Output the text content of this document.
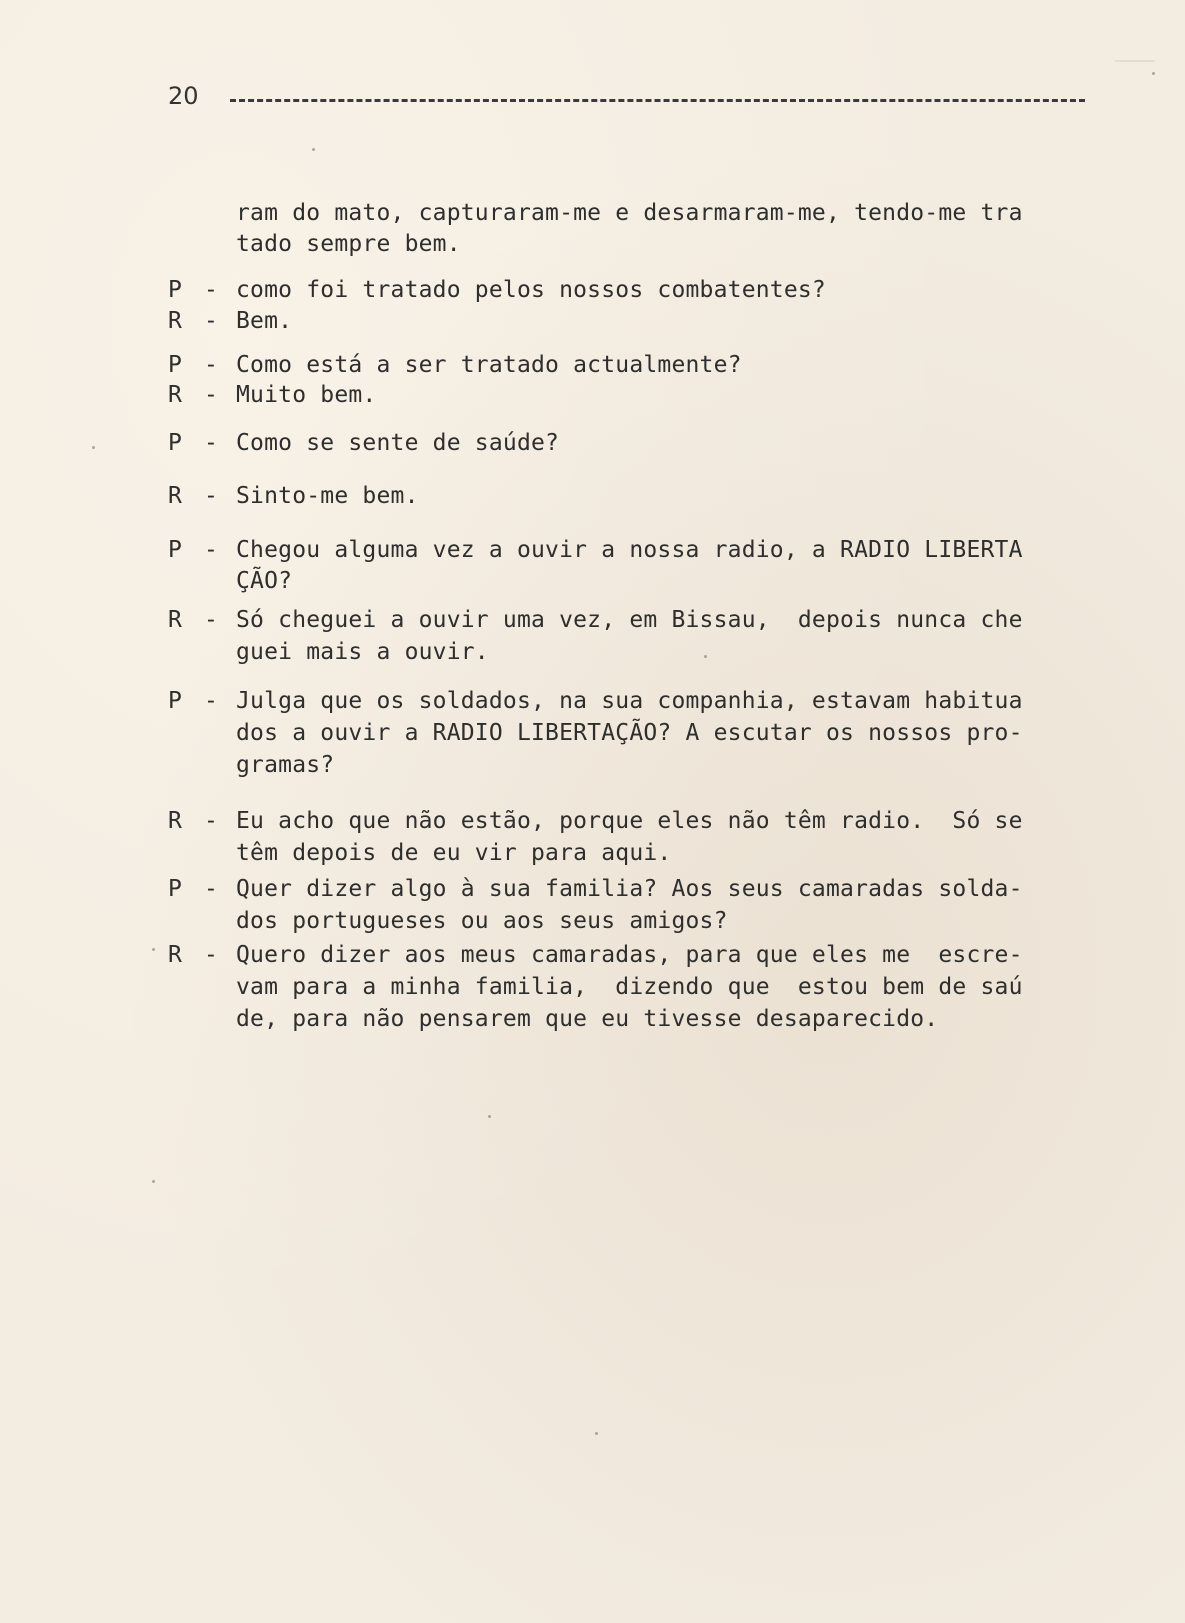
20
ram do mato, capturaram-me e desarmaram-me, tendo-me tra
tado sempre bem.
P - como foi tratado pelos nossos combatentes?
R - Bem.
P - Como está a ser tratado actualmente?
R - Muito bem.
P - Como se sente de saúde?
R - Sinto-me bem.
P - Chegou alguma vez a ouvir a nossa radio, a RADIO LIBERTA
ÇÃO?
R - Só cheguei a ouvir uma vez, em Bissau,  depois nunca che
guei mais a ouvir.
P - Julga que os soldados, na sua companhia, estavam habitua
dos a ouvir a RADIO LIBERTAÇÃO? A escutar os nossos pro-
gramas?
R - Eu acho que não estão, porque eles não têm radio.  Só se
têm depois de eu vir para aqui.
P - Quer dizer algo à sua familia? Aos seus camaradas solda-
dos portugueses ou aos seus amigos?
R - Quero dizer aos meus camaradas, para que eles me  escre-
vam para a minha familia,  dizendo que  estou bem de saú
de, para não pensarem que eu tivesse desaparecido.
